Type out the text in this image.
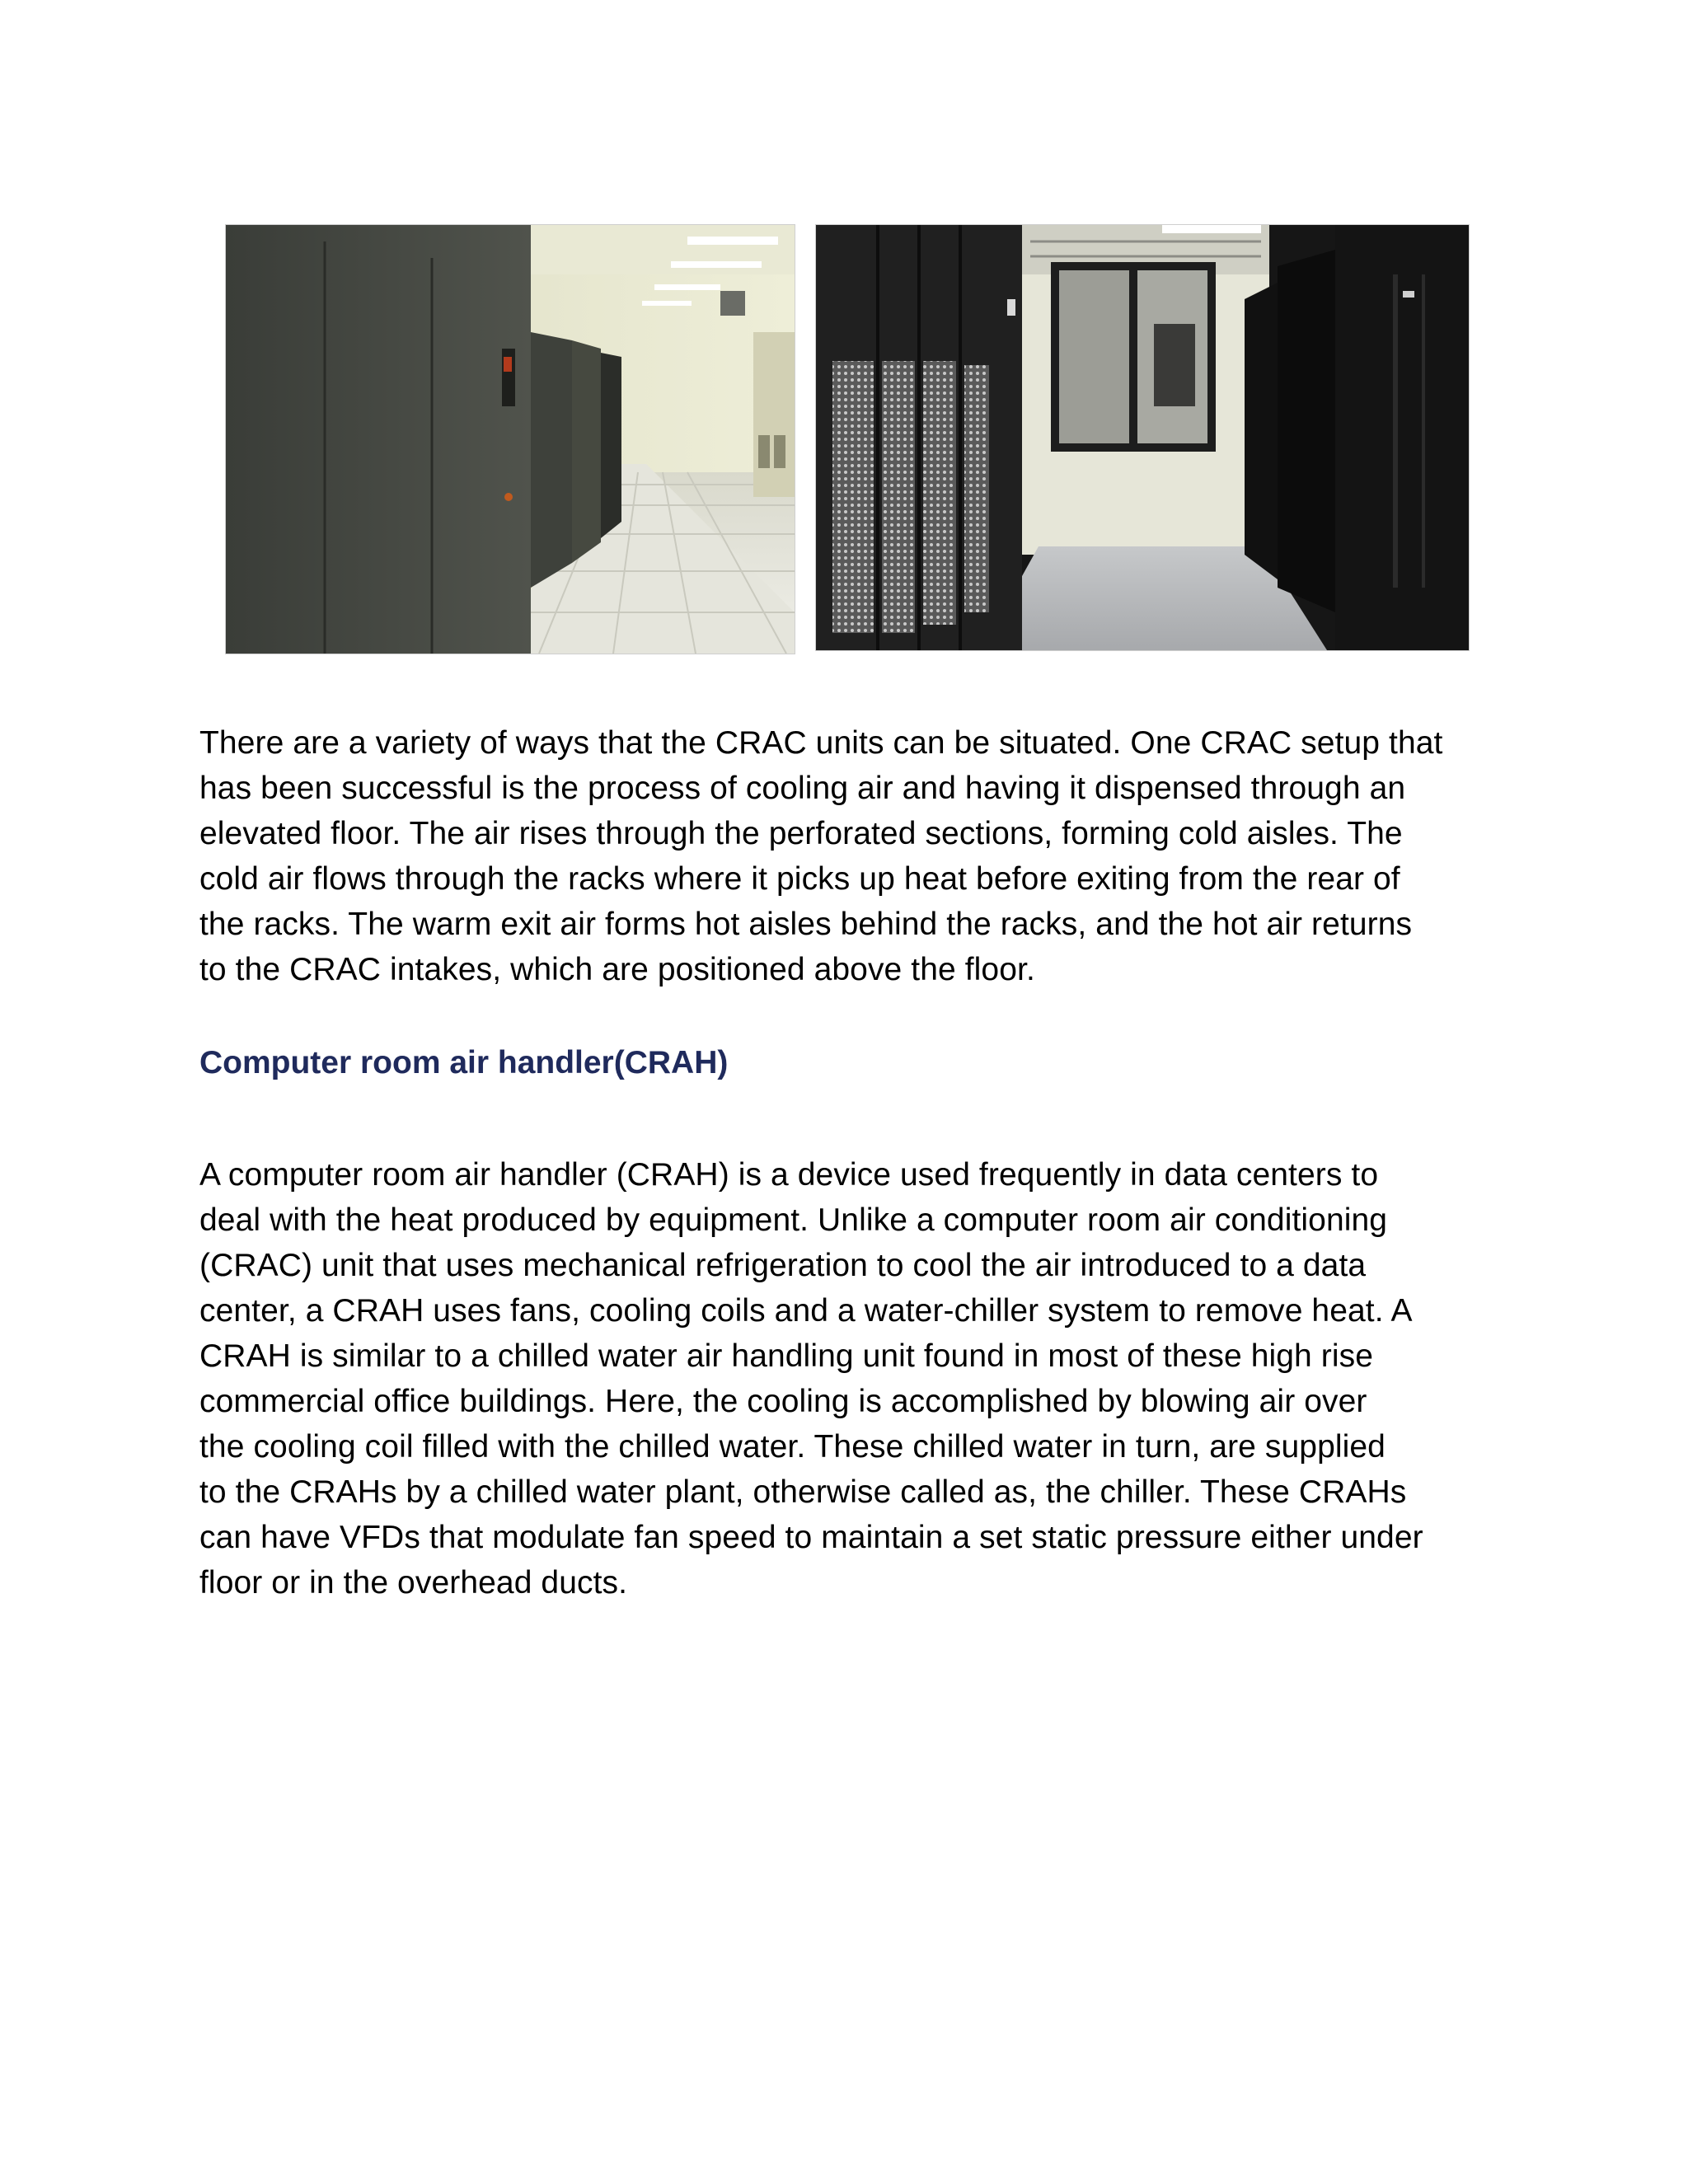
There are a variety of ways that the CRAC units can be situated. One CRAC setup that
has been successful is the process of cooling air and having it dispensed through an
elevated floor. The air rises through the perforated sections, forming cold aisles. The
cold air flows through the racks where it picks up heat before exiting from the rear of
the racks. The warm exit air forms hot aisles behind the racks, and the hot air returns
to the CRAC intakes, which are positioned above the floor.
Computer room air handler(CRAH)
A computer room air handler (CRAH) is a device used frequently in data centers to
deal with the heat produced by equipment. Unlike a computer room air conditioning
(CRAC) unit that uses mechanical refrigeration to cool the air introduced to a data
center, a CRAH uses fans, cooling coils and a water-chiller system to remove heat. A
CRAH is similar to a chilled water air handling unit found in most of these high rise
commercial office buildings. Here, the cooling is accomplished by blowing air over
the cooling coil filled with the chilled water. These chilled water in turn, are supplied
to the CRAHs by a chilled water plant, otherwise called as, the chiller. These CRAHs
can have VFDs that modulate fan speed to maintain a set static pressure either under
floor or in the overhead ducts.
